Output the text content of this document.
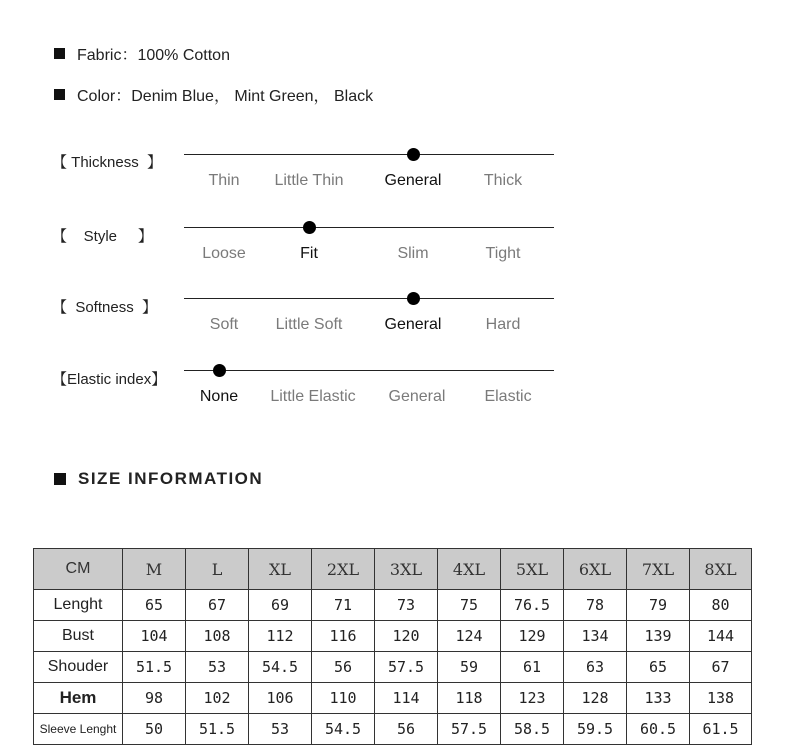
Fabric：100% Cotton
Color：Denim Blue， Mint Green， Black
【 Thickness  】
Thin Little Thin	General	Thick
【    Style     】
Loose	Fit	Slim	Tight
【  Softness  】
Soft Little Soft	General	Hard
【Elastic index】
None Little Elastic General Elastic
SIZE INFORMATION
CM	M	L	XL	2XL	3XL	4XL	5XL	6XL	7XL	8XL
Lenght	65	67	69	71	73	75	76.5	78	79	80
Bust	104	108	112	116	120	124	129	134	139	144
Shouder	51.5	53	54.5	56	57.5	59	61	63	65	67
Hem	98	102	106	110	114	118	123	128	133	138
Sleeve Lenght	50	51.5	53	54.5	56	57.5	58.5	59.5	60.5	61.5
